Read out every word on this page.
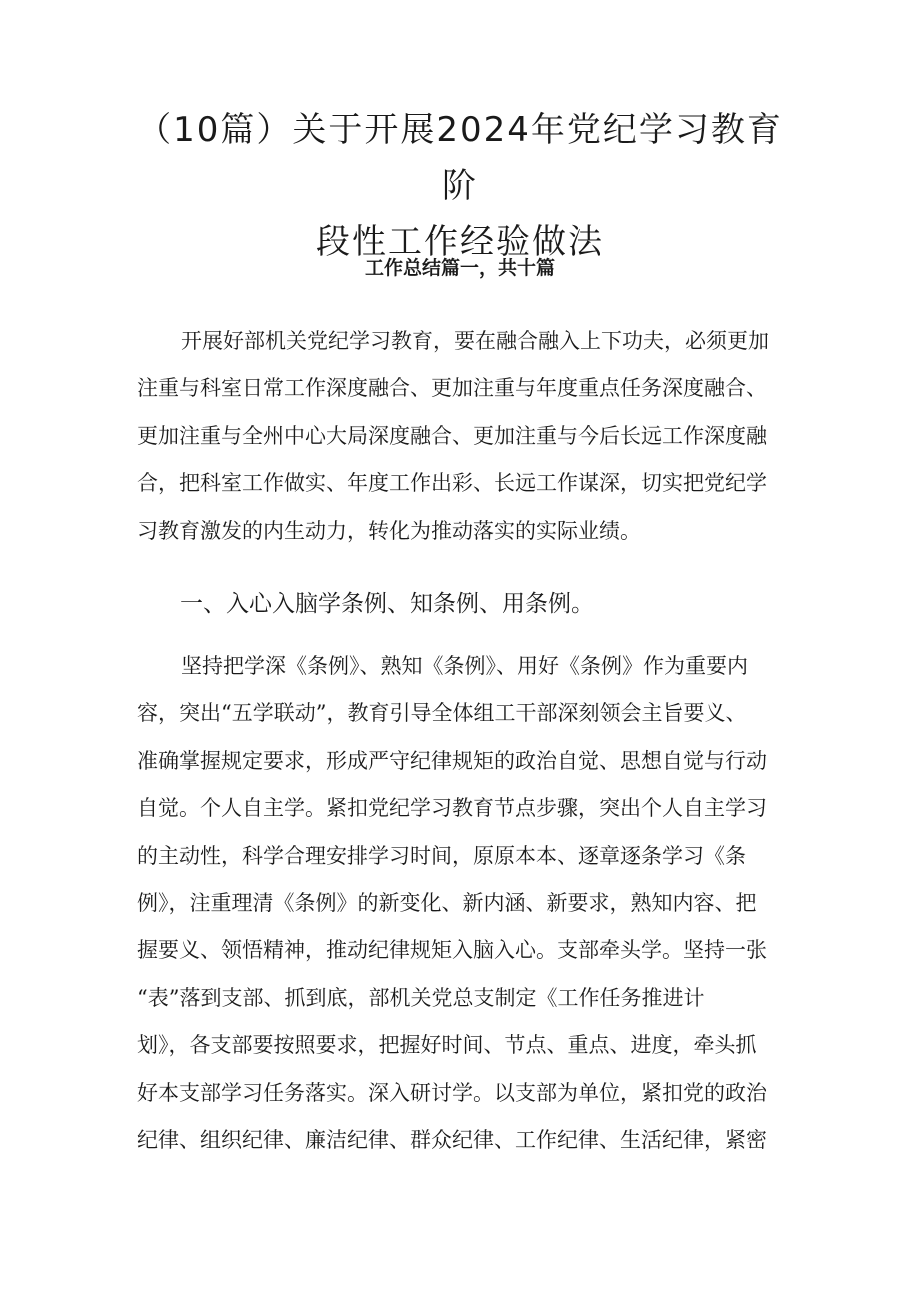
（10篇）关于开展2024年党纪学习教育阶
段性工作经验做法

工作总结篇一，共十篇

开展好部机关党纪学习教育，要在融合融入上下功夫，必须更加
注重与科室日常工作深度融合、更加注重与年度重点任务深度融合、
更加注重与全州中心大局深度融合、更加注重与今后长远工作深度融
合，把科室工作做实、年度工作出彩、长远工作谋深，切实把党纪学
习教育激发的内生动力，转化为推动落实的实际业绩。

一、入心入脑学条例、知条例、用条例。

坚持把学深《条例》、熟知《条例》、用好《条例》作为重要内
容，突出“五学联动”，教育引导全体组工干部深刻领会主旨要义、
准确掌握规定要求，形成严守纪律规矩的政治自觉、思想自觉与行动
自觉。个人自主学。紧扣党纪学习教育节点步骤，突出个人自主学习
的主动性，科学合理安排学习时间，原原本本、逐章逐条学习《条
例》，注重理清《条例》的新变化、新内涵、新要求，熟知内容、把
握要义、领悟精神，推动纪律规矩入脑入心。支部牵头学。坚持一张
“表”落到支部、抓到底，部机关党总支制定《工作任务推进计
划》，各支部要按照要求，把握好时间、节点、重点、进度，牵头抓
好本支部学习任务落实。深入研讨学。以支部为单位，紧扣党的政治
纪律、组织纪律、廉洁纪律、群众纪律、工作纪律、生活纪律，紧密
